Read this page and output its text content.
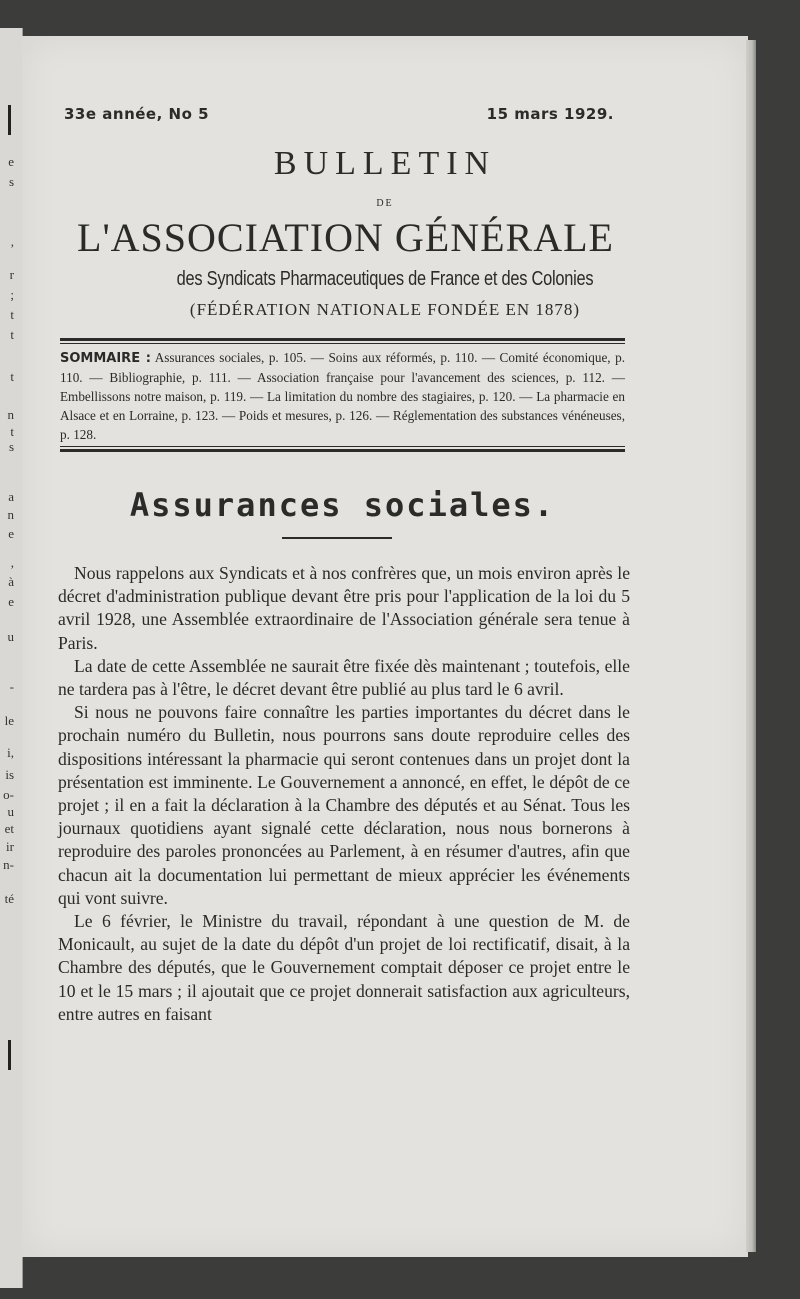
e
s
,
r
;
t
t
t
n
t
s
a
n
e
,
à
e
u
-
le
i,
is
o-
u
et
ir
n-
té
33e année, No 5	15 mars 1929.
BULLETIN
DE
L'ASSOCIATION GÉNÉRALE
des Syndicats Pharmaceutiques de France et des Colonies
(FÉDÉRATION NATIONALE FONDÉE EN 1878)
SOMMAIRE : Assurances sociales, p. 105. — Soins aux réformés, p. 110. — Comité économique, p. 110. — Bibliographie, p. 111. — Association française pour l'avancement des sciences, p. 112. — Embellissons notre maison, p. 119. — La limitation du nombre des stagiaires, p. 120. — La pharmacie en Alsace et en Lorraine, p. 123. — Poids et mesures, p. 126. — Réglementation des substances vénéneuses, p. 128.
Assurances sociales.

Nous rappelons aux Syndicats et à nos confrères que, un mois environ après le décret d'administration publique devant être pris pour l'application de la loi du 5 avril 1928, une Assemblée extraordinaire de l'Association générale sera tenue à Paris.

La date de cette Assemblée ne saurait être fixée dès maintenant ; toutefois, elle ne tardera pas à l'être, le décret devant être publié au plus tard le 6 avril.

Si nous ne pouvons faire connaître les parties importantes du décret dans le prochain numéro du Bulletin, nous pourrons sans doute reproduire celles des dispositions intéressant la pharmacie qui seront contenues dans un projet dont la présentation est imminente. Le Gouvernement a annoncé, en effet, le dépôt de ce projet ; il en a fait la déclaration à la Chambre des députés et au Sénat. Tous les journaux quotidiens ayant signalé cette déclaration, nous nous bornerons à reproduire des paroles prononcées au Parlement, à en résumer d'autres, afin que chacun ait la documentation lui permettant de mieux apprécier les événements qui vont suivre.

Le 6 février, le Ministre du travail, répondant à une question de M. de Monicault, au sujet de la date du dépôt d'un projet de loi rectificatif, disait, à la Chambre des députés, que le Gouvernement comptait déposer ce projet entre le 10 et le 15 mars ; il ajoutait que ce projet donnerait satisfaction aux agriculteurs, entre autres en faisant
